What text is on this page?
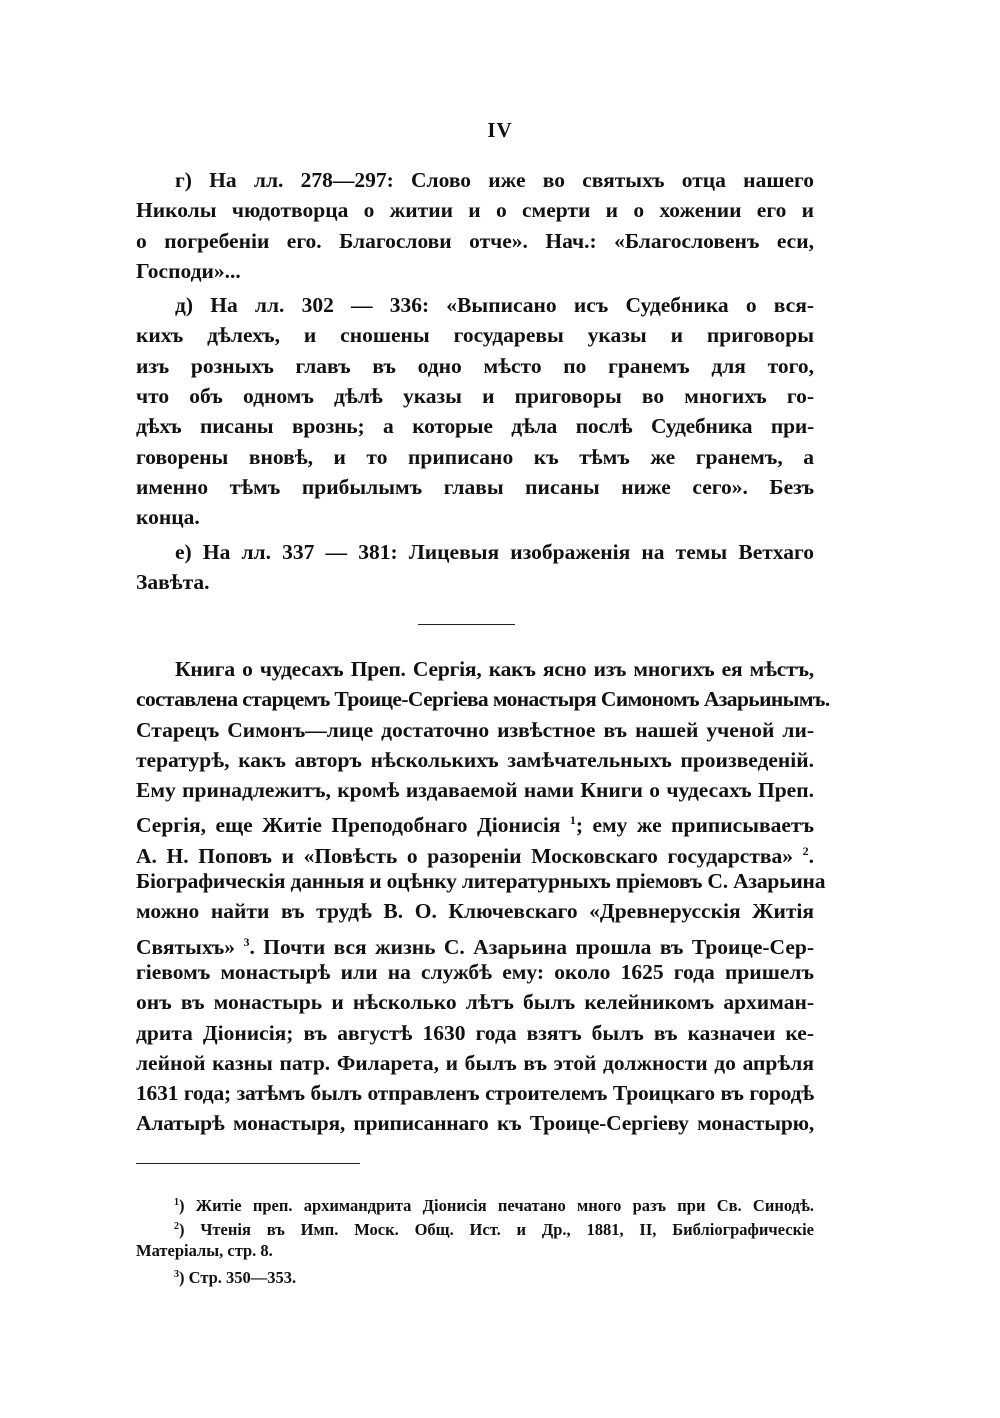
IV
г) На лл. 278—297: Слово иже во святыхъ отца нашего
Николы чюдотворца о житии и о смерти и о хожении его и
о погребенiи его. Благослови отче». Нач.: «Благословенъ еси,
Господи»...
д) На лл. 302 — 336: «Выписано исъ Судебника о вся-
кихъ дѣлехъ, и сношены государевы указы и приговоры
изъ розныхъ главъ въ одно мѣсто по гранемъ для того,
что объ одномъ дѣлѣ указы и приговоры во многихъ го-
дѣхъ писаны врознь; а которые дѣла послѣ Судебника при-
говорены вновѣ, и то приписано къ тѣмъ же гранемъ, а
именно тѣмъ прибылымъ главы писаны ниже сего». Безъ
конца.
е) На лл. 337 — 381: Лицевыя изображенія на темы Ветхаго
Завѣта.
Книга о чудесахъ Преп. Сергія, какъ ясно изъ многихъ ея мѣстъ,
составлена старцемъ Троице-Сергіева монастыря Симономъ Азарьинымъ.
Старецъ Симонъ—лице достаточно извѣстное въ нашей ученой ли-
тературѣ, какъ авторъ нѣсколькихъ замѣчательныхъ произведеній.
Ему принадлежитъ, кромѣ издаваемой нами Книги о чудесахъ Преп.
Сергія, еще Житіе Преподобнаго Діонисія $^1$; ему же приписываетъ
А. Н. Поповъ и «Повѣсть о разореніи Московскаго государства» $^2$.
Біографическія данныя и оцѣнку литературныхъ пріемовъ С. Азарьина
можно найти въ трудѣ В. О. Ключевскаго «Древнерусскія Житія
Святыхъ» $^3$. Почти вся жизнь С. Азарьина прошла въ Троице-Сер-
гіевомъ монастырѣ или на службѣ ему: около 1625 года пришелъ
онъ въ монастырь и нѣсколько лѣтъ былъ келейникомъ архиман-
дрита Діонисія; въ августѣ 1630 года взятъ былъ въ казначеи ке-
лейной казны патр. Филарета, и былъ въ этой должности до апрѣля
1631 года; затѣмъ былъ отправленъ строителемъ Троицкаго въ городѣ
Алатырѣ монастыря, приписаннаго къ Троице-Сергіеву монастырю,
$^1$) Житіе преп. архимандрита Діонисія печатано много разъ при Св. Синодѣ.
$^2$) Чтенія въ Имп. Моск. Общ. Ист. и Др., 1881, II, Библіографическіе
Матеріалы, стр. 8.
$^3$) Стр. 350—353.
